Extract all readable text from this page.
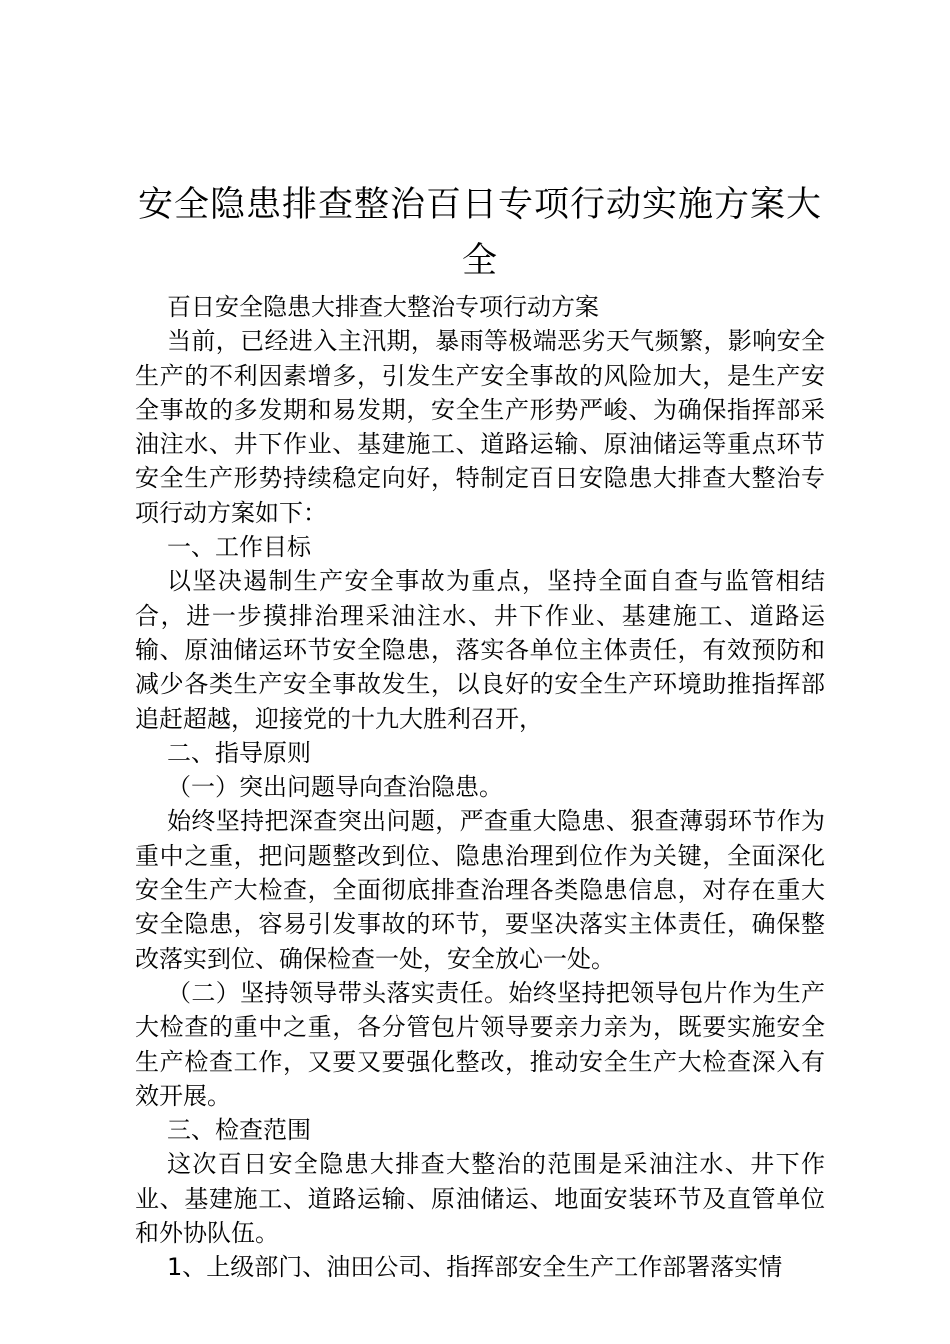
安全隐患排查整治百日专项行动实施方案大全

百日安全隐患大排查大整治专项行动方案

当前，已经进入主汛期，暴雨等极端恶劣天气频繁，影响安全生产的不利因素增多，引发生产安全事故的风险加大，是生产安全事故的多发期和易发期，安全生产形势严峻、为确保指挥部采油注水、井下作业、基建施工、道路运输、原油储运等重点环节安全生产形势持续稳定向好，特制定百日安隐患大排查大整治专项行动方案如下：

一、工作目标

以坚决遏制生产安全事故为重点，坚持全面自查与监管相结合，进一步摸排治理采油注水、井下作业、基建施工、道路运输、原油储运环节安全隐患，落实各单位主体责任，有效预防和减少各类生产安全事故发生，以良好的安全生产环境助推指挥部追赶超越，迎接党的十九大胜利召开，

二、指导原则

（一）突出问题导向查治隐患。

始终坚持把深查突出问题，严查重大隐患、狠查薄弱环节作为重中之重，把问题整改到位、隐患治理到位作为关键，全面深化安全生产大检查，全面彻底排查治理各类隐患信息，对存在重大安全隐患，容易引发事故的环节，要坚决落实主体责任，确保整改落实到位、确保检查一处，安全放心一处。

（二）坚持领导带头落实责任。始终坚持把领导包片作为生产大检查的重中之重，各分管包片领导要亲力亲为，既要实施安全生产检查工作，又要又要强化整改，推动安全生产大检查深入有效开展。

三、检查范围

这次百日安全隐患大排查大整治的范围是采油注水、井下作业、基建施工、道路运输、原油储运、地面安装环节及直管单位和外协队伍。

1、上级部门、油田公司、指挥部安全生产工作部署落实情
